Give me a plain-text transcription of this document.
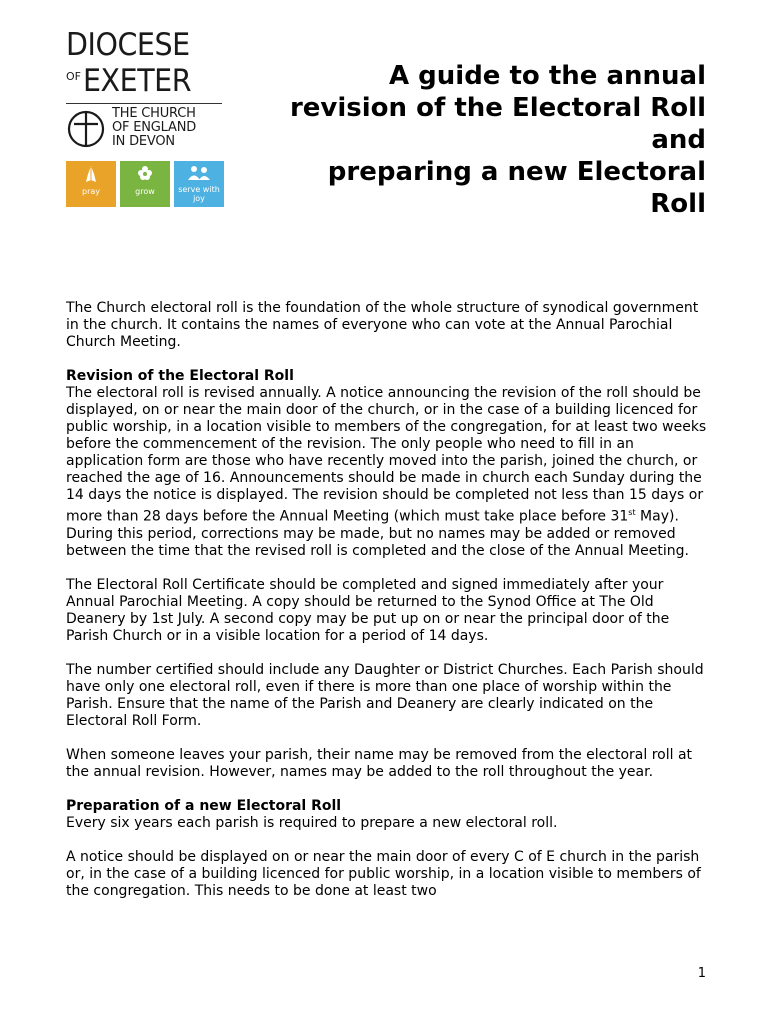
DIOCESE
OF EXETER
THE CHURCH
OF ENGLAND
IN DEVON
pray	grow	serve with joy
A guide to the annual
revision of the Electoral Roll
and
preparing a new Electoral
Roll

The Church electoral roll is the foundation of the whole structure of synodical government in the church. It contains the names of everyone who can vote at the Annual Parochial Church Meeting.

Revision of the Electoral Roll

The electoral roll is revised annually. A notice announcing the revision of the roll should be displayed, on or near the main door of the church, or in the case of a building licenced for public worship, in a location visible to members of the congregation, for at least two weeks before the commencement of the revision. The only people who need to fill in an application form are those who have recently moved into the parish, joined the church, or reached the age of 16. Announcements should be made in church each Sunday during the 14 days the notice is displayed. The revision should be completed not less than 15 days or more than 28 days before the Annual Meeting (which must take place before 31st May). During this period, corrections may be made, but no names may be added or removed between the time that the revised roll is completed and the close of the Annual Meeting.

The Electoral Roll Certificate should be completed and signed immediately after your Annual Parochial Meeting. A copy should be returned to the Synod Office at The Old Deanery by 1st July. A second copy may be put up on or near the principal door of the Parish Church or in a visible location for a period of 14 days.

The number certified should include any Daughter or District Churches. Each Parish should have only one electoral roll, even if there is more than one place of worship within the Parish. Ensure that the name of the Parish and Deanery are clearly indicated on the Electoral Roll Form.

When someone leaves your parish, their name may be removed from the electoral roll at the annual revision. However, names may be added to the roll throughout the year.

Preparation of a new Electoral Roll

Every six years each parish is required to prepare a new electoral roll.

A notice should be displayed on or near the main door of every C of E church in the parish or, in the case of a building licenced for public worship, in a location visible to members of the congregation. This needs to be done at least two

1
